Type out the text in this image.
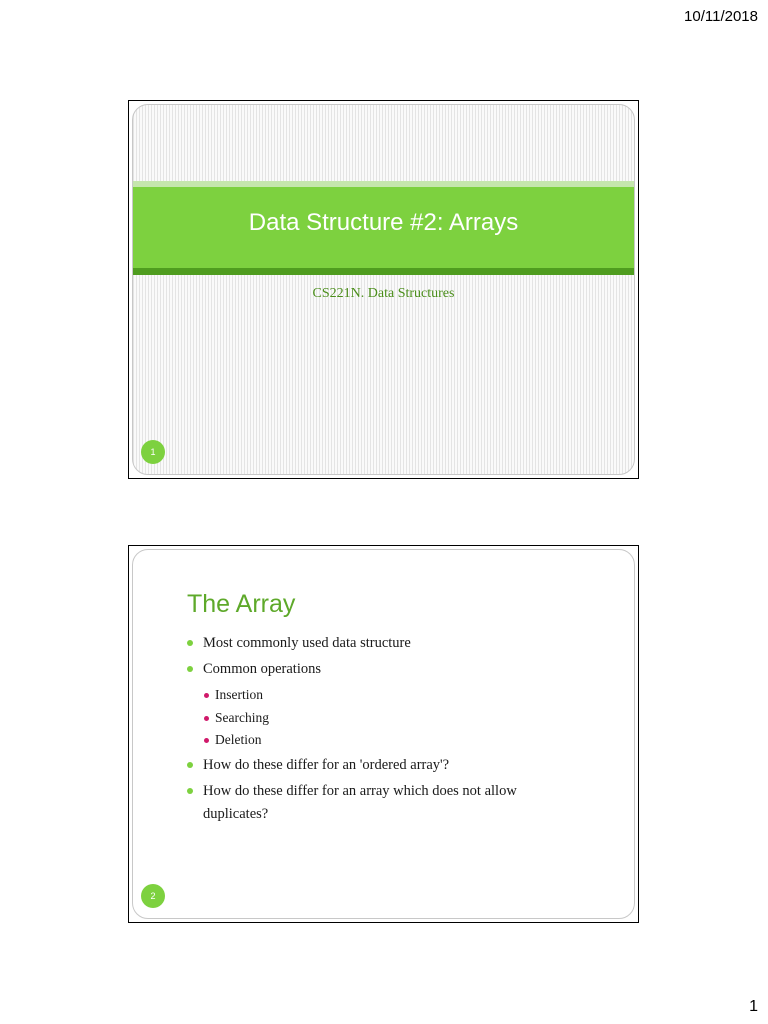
10/11/2018
Data Structure #2: Arrays
CS221N. Data Structures
1
The Array
Most commonly used data structure
Common operations
Insertion
Searching
Deletion
How do these differ for an 'ordered array'?
How do these differ for an array which does not allow duplicates?
2
1
